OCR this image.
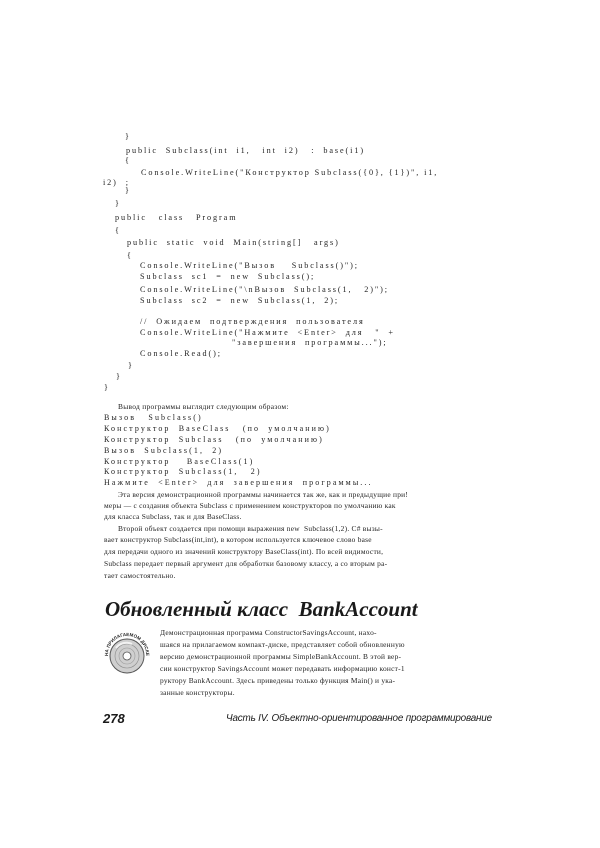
}

public  Subclass(int  i1,   int  i2)   :  base(i1)

{

Console.WriteLine("Конструктор Subclass({0}, {1})", i1,

i2)  ;

}

}

public   class   Program

{

public  static  void  Main(string[]   args)

{

Console.WriteLine("Вызов    Subclass()");

Subclass  sc1  =  new  Subclass();

Console.WriteLine("\nВызов  Subclass(1,   2)");

Subclass  sc2  =  new  Subclass(1,  2);

//  Ожидаем  подтверждения  пользователя

Console.WriteLine("Нажмите  <Enter>  для   "  +

"завершения  программы...");

Console.Read();

}

}

}

Вывод программы выглядит следующим образом:
Вызов   Subclass()
Конструктор  BaseClass   (по  умолчанию)
Конструктор  Subclass   (по  умолчанию)
Вызов  Subclass(1,  2)
Конструктор    BaseClass(1)
Конструктор  Subclass(1,   2)
Нажмите  <Enter>  для  завершения  программы...
Эта версия демонстрационной программы начинается так же, как и предыдущие при!
меры — с создания объекта Subclass с применением конструкторов по умолчанию как
для класса Subclass, так и для BaseClass.
Второй объект создается при помощи выражения new  Subclass(1,2). C# вызы-
вает конструктор Subclass(int,int), в котором используется ключевое слово base
для передачи одного из значений конструктору BaseClass(int). По всей видимости,
Subclass передает первый аргумент для обработки базовому классу, а со вторым ра-
тает самостоятельно.
Обновленный класс  BankAccount
НА ПРИЛАГАЕМОМ ДИСКЕ
Демонстрационная программа ConstructorSavingsAccount, нахо-
шаяся на прилагаемом компакт-диске, представляет собой обновленную
версию демонстрационной программы SimpleBankAccount. В этой вер-
сии конструктор SavingsAccount может передавать информацию конст-1
руктору BankAccount. Здесь приведены только функция Main() и ука-
занные конструкторы.
278	Часть IV. Объектно-ориентированное программирование
